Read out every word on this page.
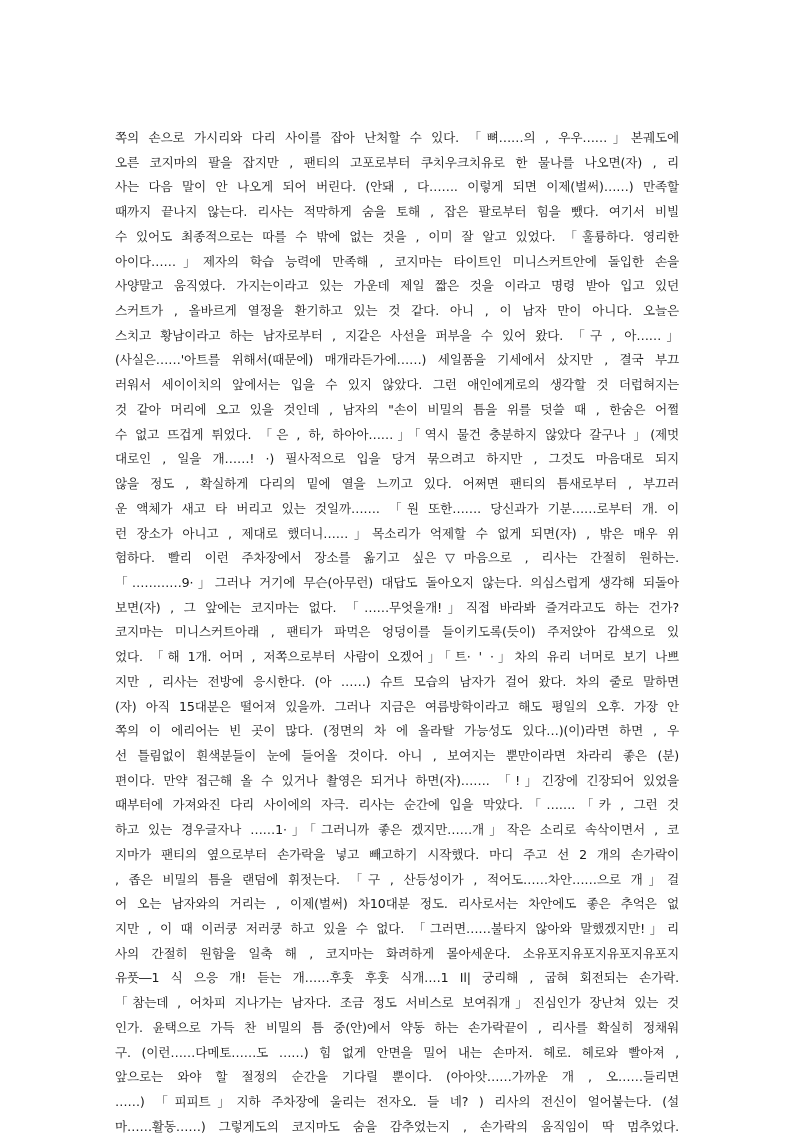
쪽의 손으로 가시리와 다리 사이를 잡아 난처할 수 있다. 「뼈……의 , 우우……」본궤도에
오른 코지마의 팔을 잡지만 , 팬티의 고포로부터 쿠치우크치유로 한 물나를 나오면(자) , 리
사는 다음 말이 안 나오게 되어 버린다. (안돼 , 다……. 이렇게 되면 이제(벌써)……) 만족할
때까지 끝나지 않는다. 리사는 적막하게 숨을 토해 , 잡은 팔로부터 힘을 뺐다. 여기서 비빌
수 있어도 최종적으로는 따를 수 밖에 없는 것을 , 이미 잘 알고 있었다. 「훌륭하다. 영리한
아이다……」제자의 학습 능력에 만족해 , 코지마는 타이트인 미니스커트안에 돌입한 손을
사양말고 움직였다. 가지는이라고 있는 가운데 제일 짧은 것을 이라고 명령 받아 입고 있던
스커트가 , 올바르게 열정을 환기하고 있는 것 같다. 아니 , 이 남자 만이 아니다. 오늘은
스치고 황남이라고 하는 남자로부터 , 지같은 사선을 퍼부을 수 있어 왔다. 「구 , 아……」
(사실은……'아트를 위해서(때문에) 매개라든가에……) 세일품을 기세에서 샀지만 , 결국 부끄
러워서 세이이치의 앞에서는 입을 수 있지 않았다. 그런 애인에게로의 생각할 것 더럽혀지는
것 같아 머리에 오고 있을 것인데 , 남자의 "손이 비밀의 틈을 위를 덧쓸 때 , 한숨은 어쩔
수 없고 뜨겁게 튀었다. 「은 , 하, 하아아……」「역시 물건 충분하지 않았다 갈구나 」(제멋
대로인 , 일을 개……! ·) 필사적으로 입을 당겨 묶으려고 하지만 , 그것도 마음대로 되지
않을 정도 , 확실하게 다리의 밑에 열을 느끼고 있다. 어쩌면 팬티의 틈새로부터 , 부끄러
운 액체가 새고 타 버리고 있는 것일까……. 「원 또한……. 당신과가 기분……로부터 개. 이
런 장소가 아니고 , 제대로 했더니……」목소리가 억제할 수 없게 되면(자) , 밖은 매우 위
험하다. 빨리 이런 주차장에서 장소를 옮기고 싶은▽마음으로 , 리사는 간절히 원하는.
「…………9·」그러나 거기에 무슨(아무런) 대답도 돌아오지 않는다. 의심스럽게 생각해 되돌아
보면(자) , 그 앞에는 코지마는 없다. 「……무엇을개!」직접 바라봐 즐겨라고도 하는 건가?
코지마는 미니스커트아래 , 팬티가 파먹은 엉덩이를 들이키도록(듯이) 주저앉아 감색으로 있
었다. 「해 1개. 어머 , 저쪽으로부터 사람이 오겠어」「트· ' ·」차의 유리 너머로 보기 나쁘
지만 , 리사는 전방에 응시한다. (아 ……) 슈트 모습의 남자가 걸어 왔다. 차의 줄로 말하면
(자) 아직 15대분은 떨어져 있을까. 그러나 지금은 여름방학이라고 해도 평일의 오후. 가장 안
쪽의 이 에리어는 빈 곳이 많다. (정면의 차 에 올라탈 가능성도 있다…)(이)라면 하면 , 우
선 틀림없이 흰색분들이 눈에 들어올 것이다. 아니 , 보여지는 뿐만이라면 차라리 좋은 (분)
편이다. 만약 접근해 올 수 있거나 촬영은 되거나 하면(자)……. 「!」긴장에 긴장되어 있었을
때부터에 가져와진 다리 사이에의 자극. 리사는 순간에 입을 막았다.「…….「카 , 그런 것
하고 있는 경우글자나 ……1·」「그러니까 좋은 겠지만……개」작은 소리로 속삭이면서 , 코
지마가 팬티의 옆으로부터 손가락을 넣고 빼고하기 시작했다. 마디 주고 선 2 개의 손가락이
, 좁은 비밀의 틈을 랜덤에 휘젓는다. 「구 , 산등성이가 , 적어도……차안……으로 개」걸
어 오는 남자와의 거리는 , 이제(벌써) 차10대분 정도. 리사로서는 차안에도 좋은 추억은 없
지만 , 이 때 이러쿵 저러쿵 하고 있을 수 없다. 「그러면……불타지 않아와 말했겠지만!」리
사의 간절히 원함을 일축 해 , 코지마는 화려하게 몰아세운다. 소유포지유포지유포지유포지
유풋―1 식 으응 개! 듣는 개……후훗 후훗 식개‥‥1 Il| 궁리해 , 굽혀 회전되는 손가락.
「참는데 , 어차피 지나가는 남자다. 조금 정도 서비스로 보여줘개」진심인가 장난쳐 있는 것
인가. 윤택으로 가득 찬 비밀의 틈 중(안)에서 약동 하는 손가락끝이 , 리사를 확실히 정채워
구. (이런……다메토……도 ……) 힘 없게 안면을 밀어 내는 손마저. 헤로. 헤로와 빨아져 ,
앞으로는 와야 할 절정의 순간을 기다릴 뿐이다. (아아앗……가까운 개 , 오……들리면
……) 「피피트」지하 주차장에 울리는 전자오. 들 네? ) 리사의 전신이 얼어붙는다. (설
마……활동……) 그렇게도의 코지마도 숨을 감추었는지 , 손가락의 움직임이 딱 멈추었다.
